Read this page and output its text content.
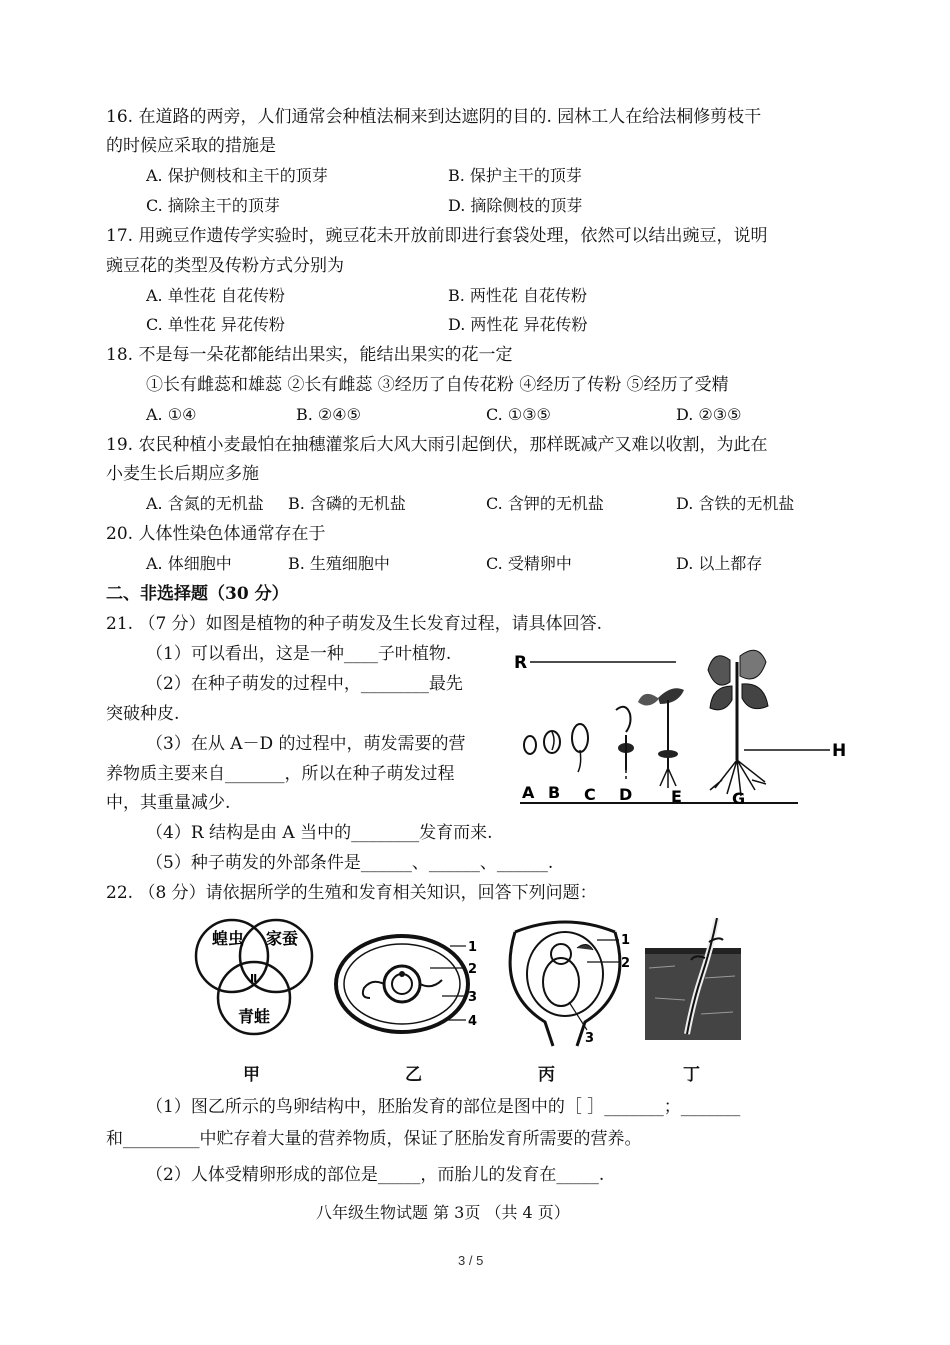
16. 在道路的两旁，人们通常会种植法桐来到达遮阴的目的. 园林工人在给法桐修剪枝干
的时候应采取的措施是
A. 保护侧枝和主干的顶芽	B. 保护主干的顶芽
C. 摘除主干的顶芽	D. 摘除侧枝的顶芽
17. 用豌豆作遗传学实验时，豌豆花未开放前即进行套袋处理，依然可以结出豌豆，说明
豌豆花的类型及传粉方式分别为
A. 单性花 自花传粉	B. 两性花 自花传粉
C. 单性花 异花传粉	D. 两性花 异花传粉
18. 不是每一朵花都能结出果实，能结出果实的花一定
①长有雌蕊和雄蕊 ②长有雌蕊 ③经历了自传花粉 ④经历了传粉 ⑤经历了受精
A. ①④	B. ②④⑤	C. ①③⑤	D. ②③⑤
19. 农民种植小麦最怕在抽穗灌浆后大风大雨引起倒伏，那样既减产又难以收割，为此在
小麦生长后期应多施
A. 含氮的无机盐 B. 含磷的无机盐	C. 含钾的无机盐	D. 含铁的无机盐
20. 人体性染色体通常存在于
A. 体细胞中	B. 生殖细胞中	C. 受精卵中	D. 以上都存
二、非选择题（30 分）
21. （7 分）如图是植物的种子萌发及生长发育过程，请具体回答.
（1）可以看出，这是一种____子叶植物.
（2）在种子萌发的过程中，________最先
突破种皮.
（3）在从 A－D 的过程中，萌发需要的营
养物质主要来自_______，所以在种子萌发过程
中，其重量减少.
（4）R 结构是由 A 当中的________发育而来.
（5）种子萌发的外部条件是______、______、______.
R
H
A B C D E	G
22. （8 分）请依据所学的生殖和发育相关知识，回答下列问题：
蝗虫 家蚕
Ⅱ
青蛙
1
2
3
4
1
2
3
甲	乙	丙	丁
（1）图乙所示的鸟卵结构中，胚胎发育的部位是图中的［ ］_______；_______
和_________中贮存着大量的营养物质，保证了胚胎发育所需要的营养。
（2）人体受精卵形成的部位是_____，而胎儿的发育在_____.
八年级生物试题 第 3页 （共 4 页）
3 / 5
